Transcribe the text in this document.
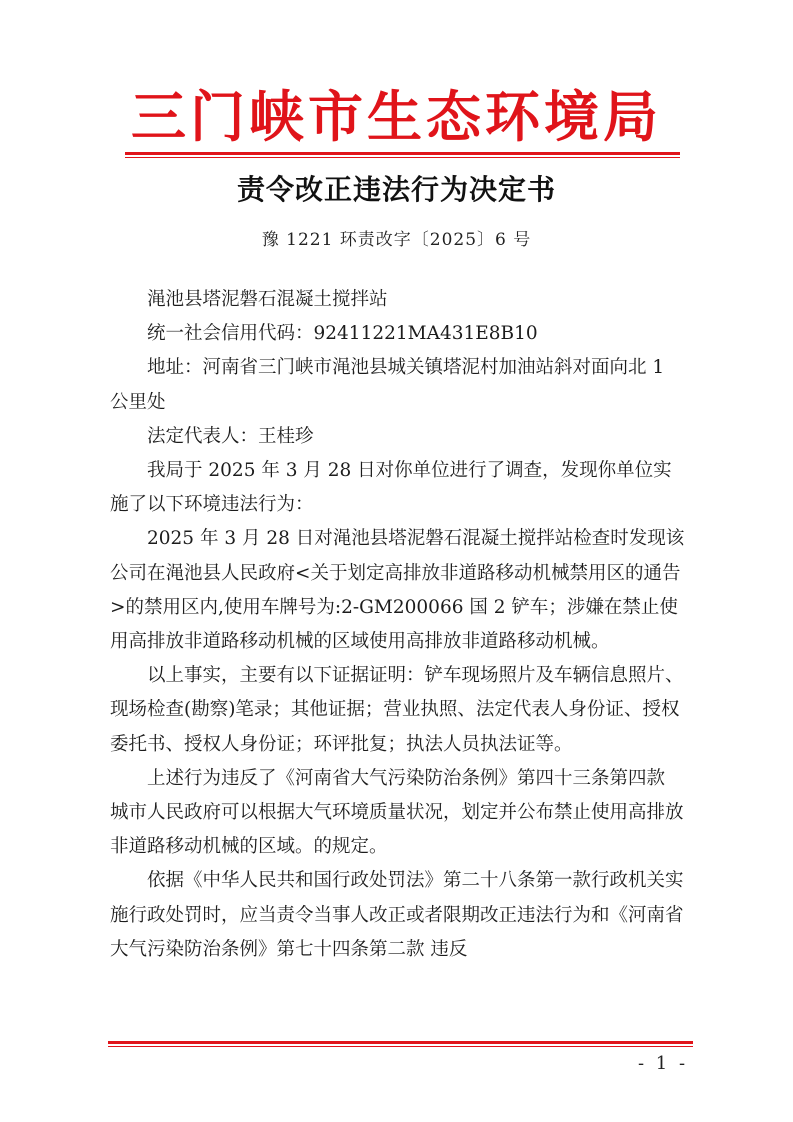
三门峡市生态环境局
责令改正违法行为决定书
豫 1221 环责改字〔2025〕6 号

渑池县塔泥磐石混凝土搅拌站

统一社会信用代码：92411221MA431E8B10

地址：河南省三门峡市渑池县城关镇塔泥村加油站斜对面向北 1 公里处

法定代表人：王桂珍

我局于 2025 年 3 月 28 日对你单位进行了调查，发现你单位实施了以下环境违法行为：

2025 年 3 月 28 日对渑池县塔泥磐石混凝土搅拌站检查时发现该公司在渑池县人民政府<关于划定高排放非道路移动机械禁用区的通告>的禁用区内,使用车牌号为:2-GM200066 国 2 铲车；涉嫌在禁止使用高排放非道路移动机械的区域使用高排放非道路移动机械。

以上事实，主要有以下证据证明：铲车现场照片及车辆信息照片、现场检查(勘察)笔录；其他证据；营业执照、法定代表人身份证、授权委托书、授权人身份证；环评批复；执法人员执法证等。

上述行为违反了《河南省大气污染防治条例》第四十三条第四款 城市人民政府可以根据大气环境质量状况，划定并公布禁止使用高排放非道路移动机械的区域。的规定。

依据《中华人民共和国行政处罚法》第二十八条第一款行政机关实施行政处罚时，应当责令当事人改正或者限期改正违法行为和《河南省大气污染防治条例》第七十四条第二款 违反

- 1 -
